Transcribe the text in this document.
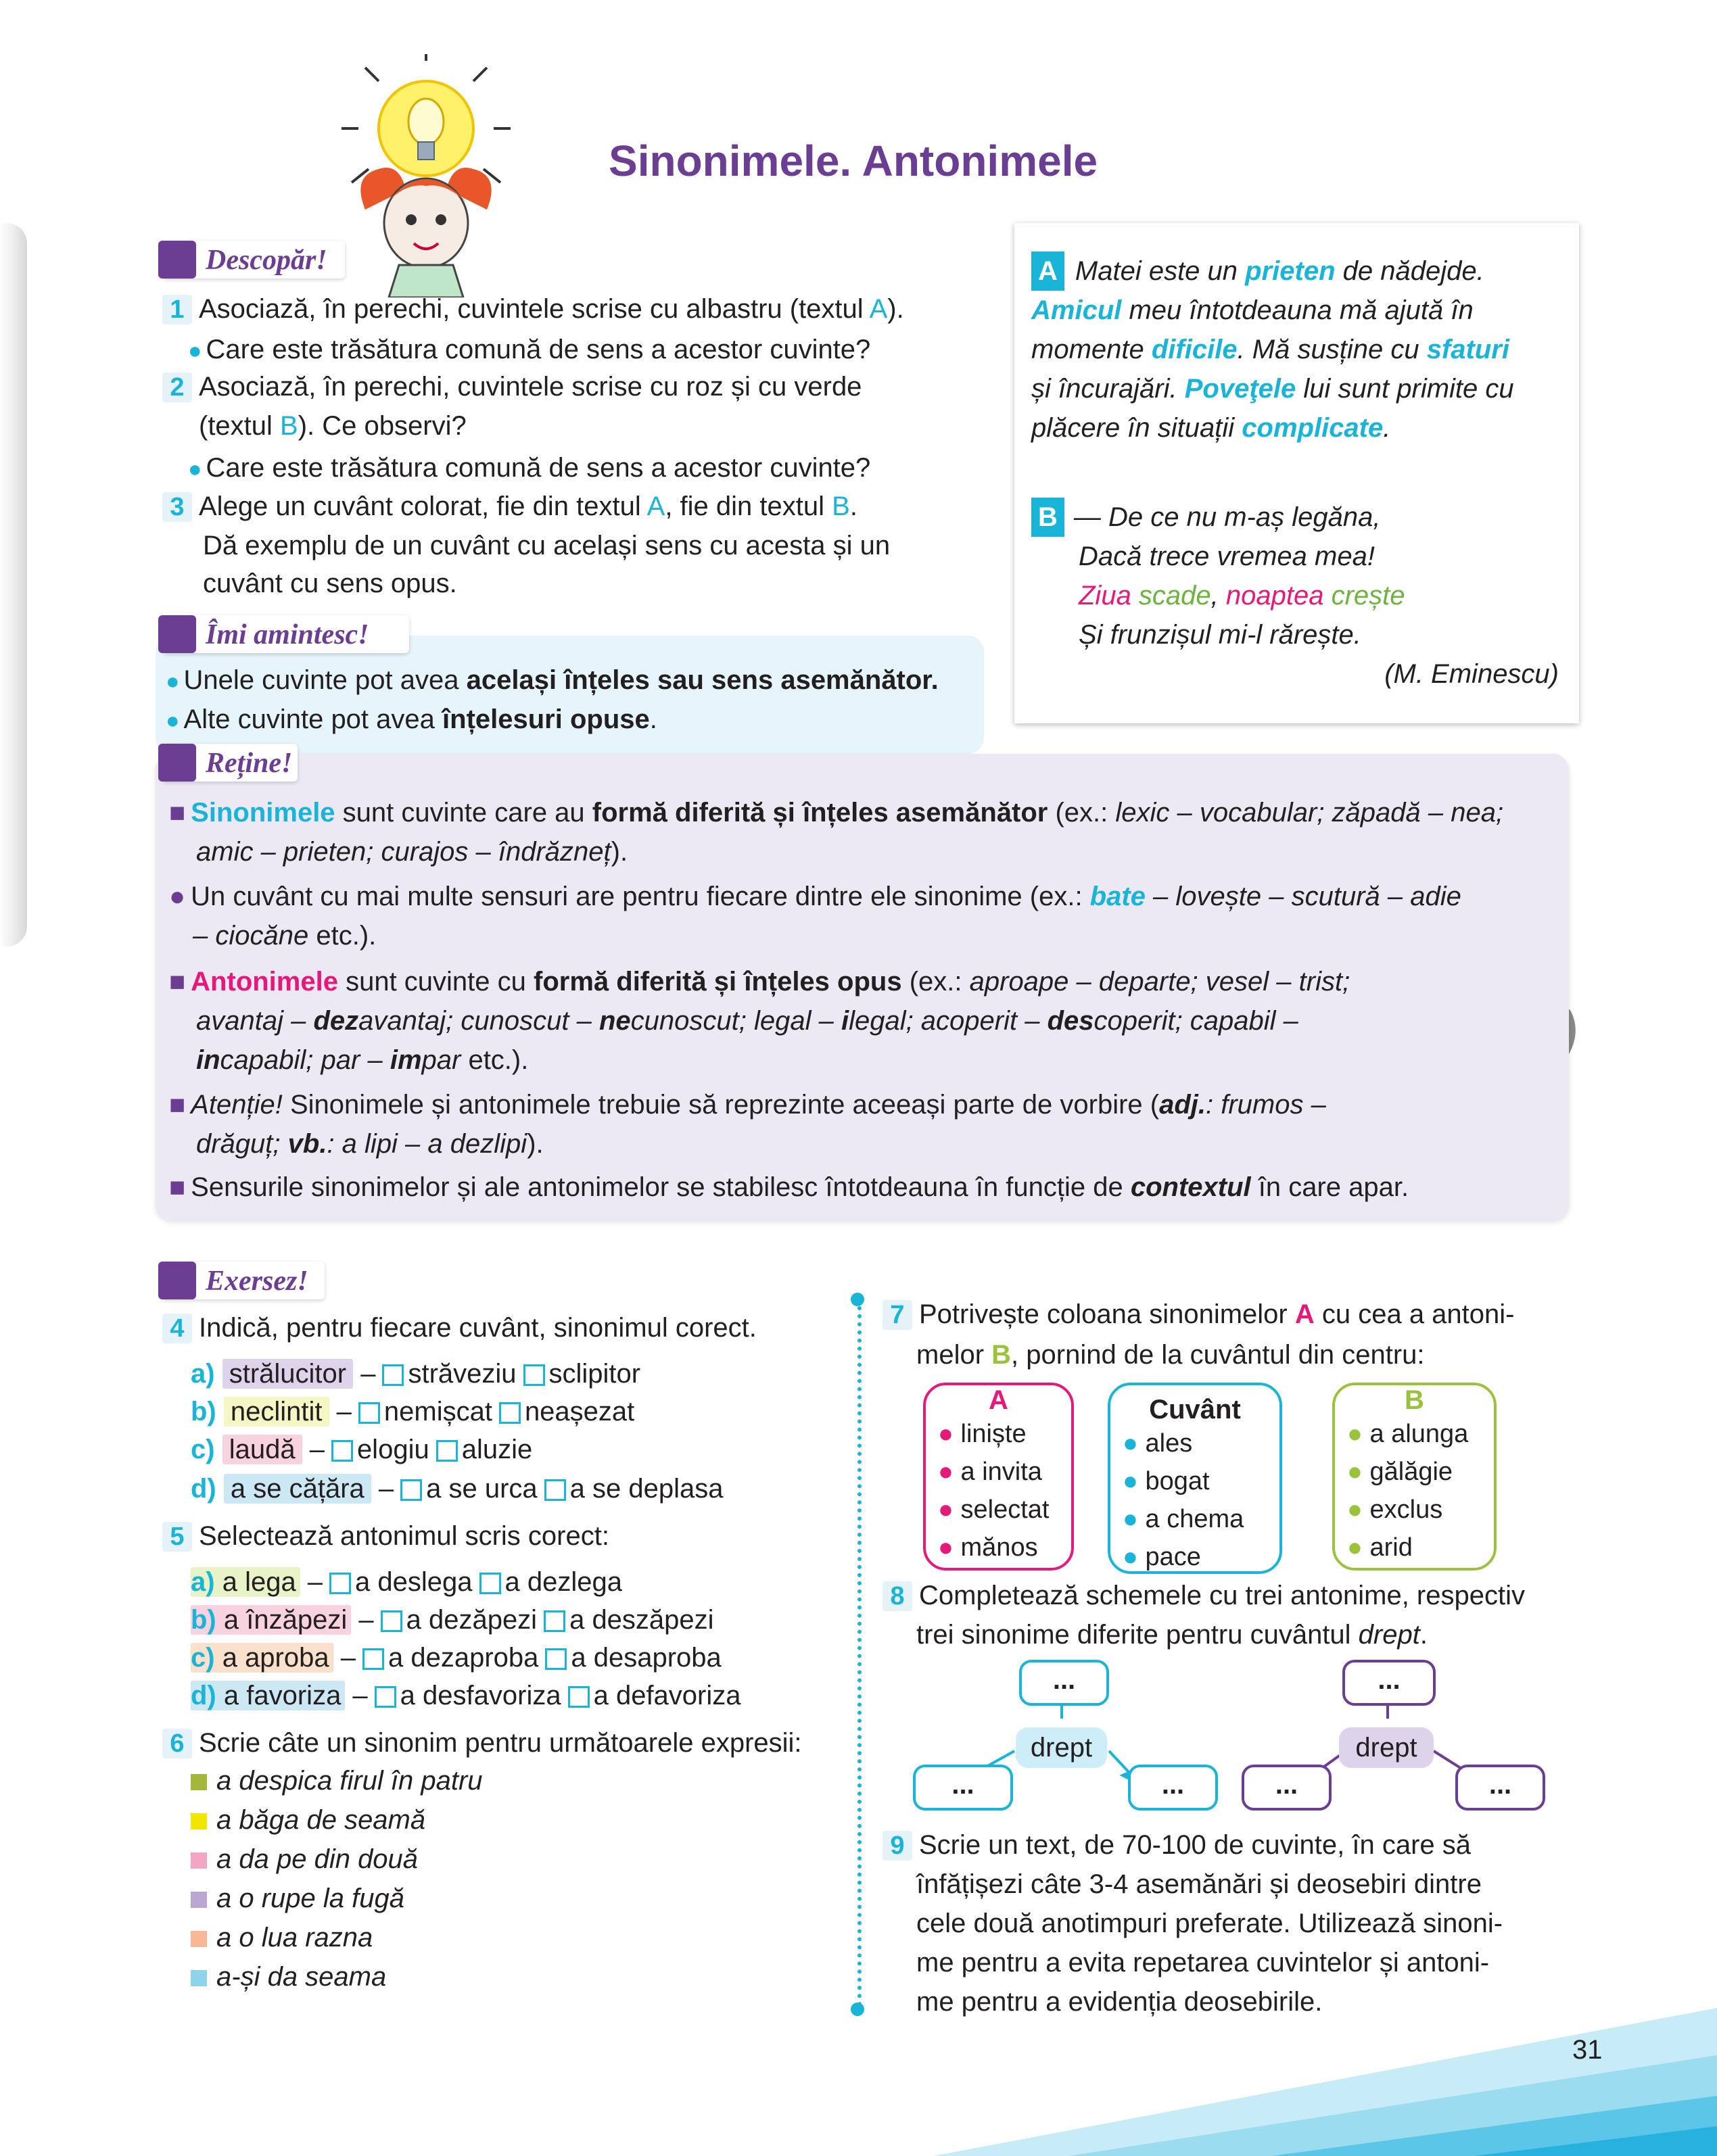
Sinonimele. Antonimele
Descopăr!
1 Asociază, în perechi, cuvintele scrise cu albastru (textul A).
● Care este trăsătura comună de sens a acestor cuvinte?
2 Asociază, în perechi, cuvintele scrise cu roz și cu verde
(textul B). Ce observi?
● Care este trăsătura comună de sens a acestor cuvinte?
3 Alege un cuvânt colorat, fie din textul A, fie din textul B.
Dă exemplu de un cuvânt cu același sens cu acesta și un
cuvânt cu sens opus.
A Matei este un prieten de nădejde.
Amicul meu întotdeauna mă ajută în
momente dificile. Mă susține cu sfaturi
și încurajări. Poveţele lui sunt primite cu
plăcere în situații complicate.
B — De ce nu m-aș legăna,
Dacă trece vremea mea!
Ziua scade, noaptea crește
Și frunzișul mi-l rărește.
(M. Eminescu)
Îmi amintesc!
● Unele cuvinte pot avea același înțeles sau sens asemănător.
● Alte cuvinte pot avea înțelesuri opuse.
Reține!
■ Sinonimele sunt cuvinte care au formă diferită și înțeles asemănător (ex.: lexic – vocabular; zăpadă – nea;
amic – prieten; curajos – îndrăzneț).
● Un cuvânt cu mai multe sensuri are pentru fiecare dintre ele sinonime (ex.: bate – lovește – scutură – adie
– ciocăne etc.).
■ Antonimele sunt cuvinte cu formă diferită și înțeles opus (ex.: aproape – departe; vesel – trist;
avantaj – dezavantaj; cunoscut – necunoscut; legal – ilegal; acoperit – descoperit; capabil –
incapabil; par – impar etc.).
■ Atenție! Sinonimele și antonimele trebuie să reprezinte aceeași parte de vorbire (adj.: frumos –
drăguț; vb.: a lipi – a dezlipi).
■ Sensurile sinonimelor și ale antonimelor se stabilesc întotdeauna în funcție de contextul în care apar.
Exersez!
4 Indică, pentru fiecare cuvânt, sinonimul corect.
a) strălucitor – străveziu sclipitor
b) neclintit – nemișcat neașezat
c) laudă – elogiu aluzie
d) a se cățăra – a se urca a se deplasa
5 Selectează antonimul scris corect:
a) a lega – a deslega a dezlega
b) a înzăpezi – a dezăpezi a deszăpezi
c) a aproba – a dezaproba a desaproba
d) a favoriza – a desfavoriza a defavoriza
6 Scrie câte un sinonim pentru următoarele expresii:
a despica firul în patru
a băga de seamă
a da pe din două
a o rupe la fugă
a o lua razna
a-și da seama
7 Potrivește coloana sinonimelor A cu cea a antoni-
melor B, pornind de la cuvântul din centru:
A
● liniște
● a invita
● selectat
● mănos
Cuvânt
● ales
● bogat
● a chema
● pace
B
● a alunga
● gălăgie
● exclus
● arid
8 Completează schemele cu trei antonime, respectiv
trei sinonime diferite pentru cuvântul drept.
...
drept
...	...
...
drept
...	...
9 Scrie un text, de 70-100 de cuvinte, în care să
înfățișezi câte 3-4 asemănări și deosebiri dintre
cele două anotimpuri preferate. Utilizează sinoni-
me pentru a evita repetarea cuvintelor și antoni-
me pentru a evidenția deosebirile.
31
